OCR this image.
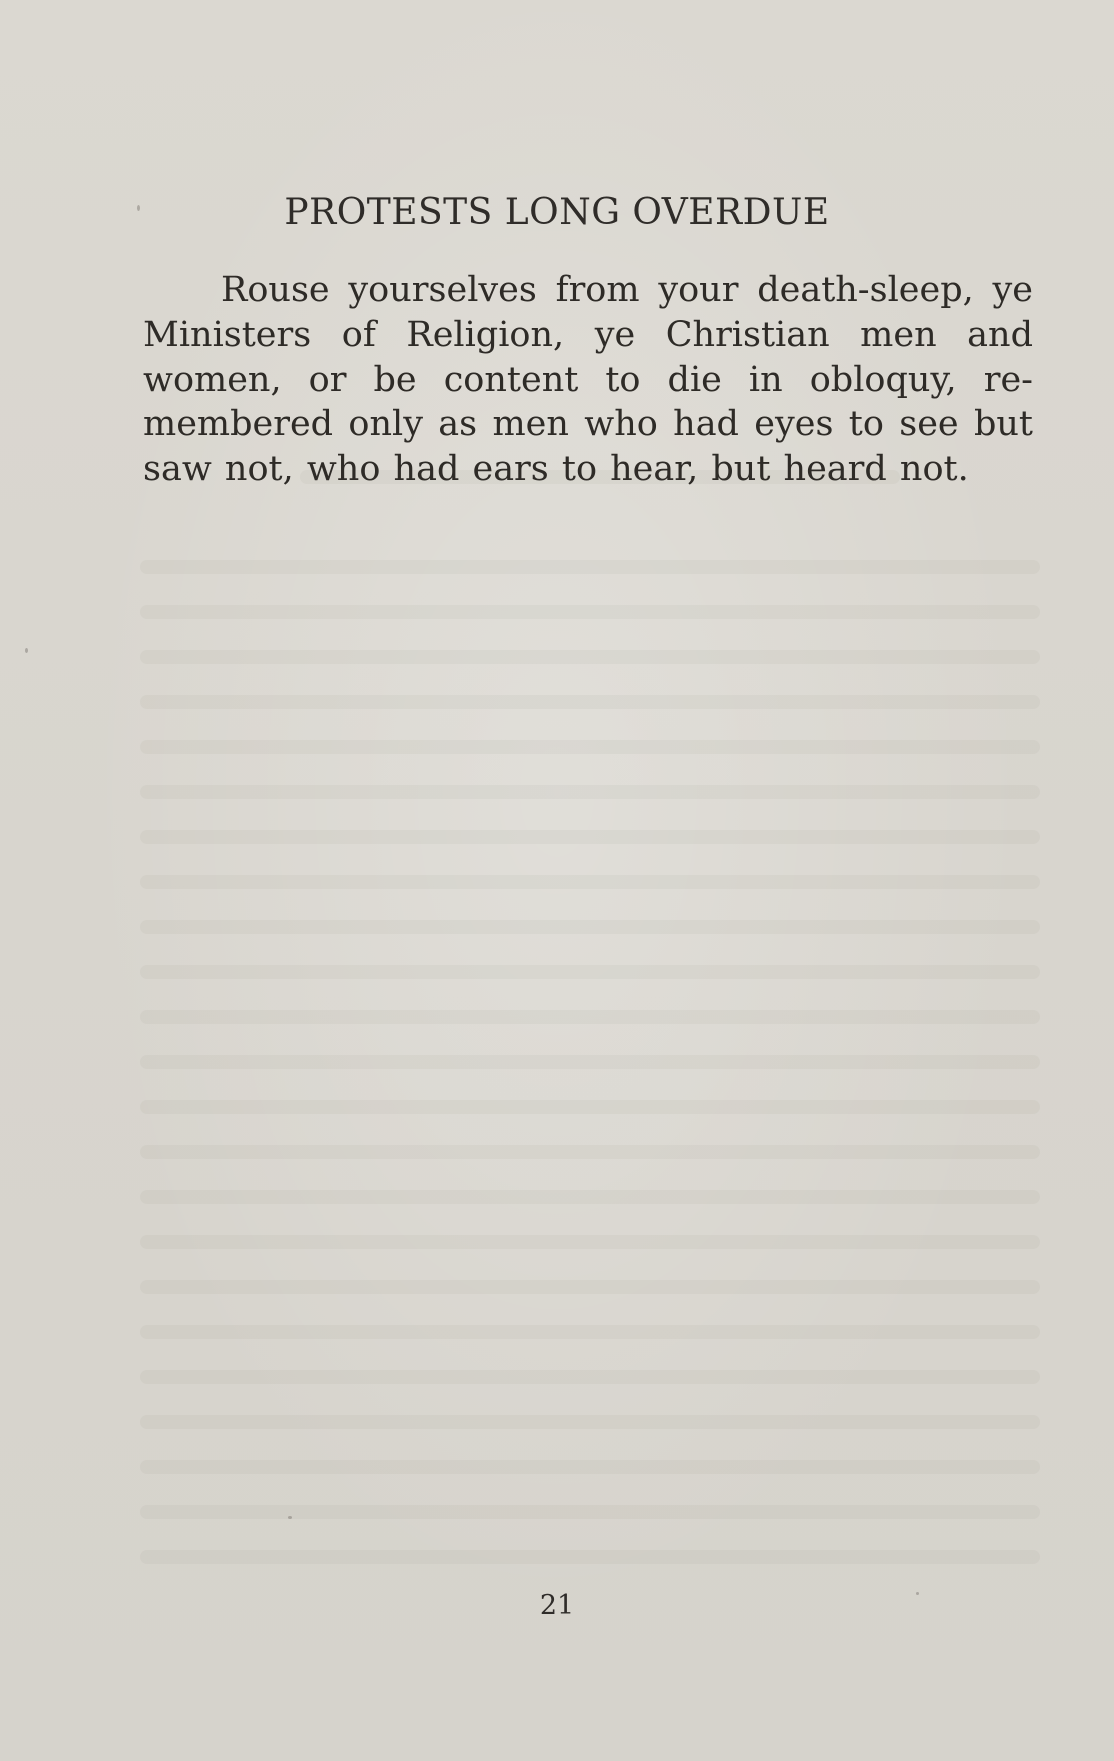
PROTESTS LONG OVERDUE

Rouse yourselves from your death-sleep, ye Ministers of Religion, ye Christian men and women, or be content to die in obloquy, remembered only as men who had eyes to see but saw not, who had ears to hear, but heard not.

21
